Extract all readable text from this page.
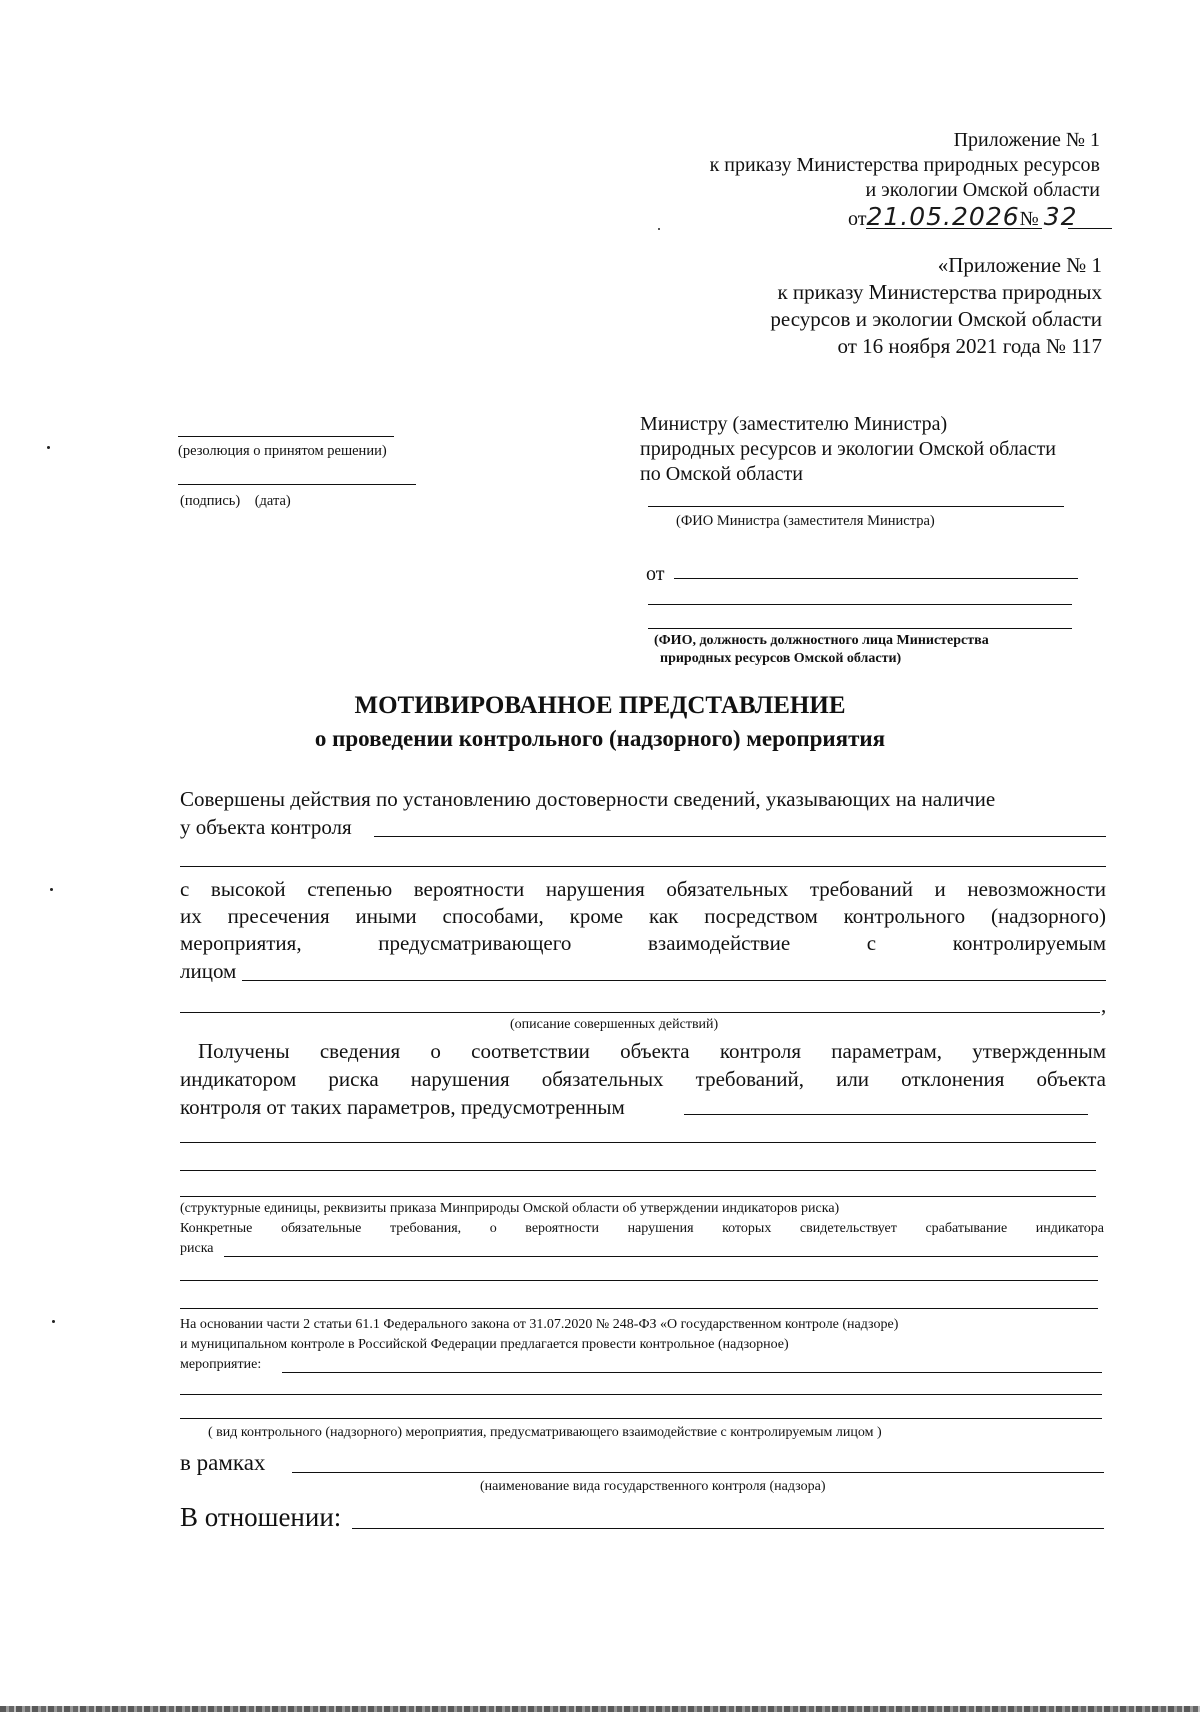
Приложение № 1
к приказу Министерства природных ресурсов
и экологии Омской области
от21.05.2026№ 32
«Приложение № 1
к приказу Министерства природных
ресурсов и экологии Омской области
от 16 ноября 2021 года № 117
(резолюция о принятом решении)
(подпись)    (дата)
Министру (заместителю Министра)
природных ресурсов и экологии Омской области
по Омской области
(ФИО Министра (заместителя Министра)
от
(ФИО, должность должностного лица Министерства
природных ресурсов Омской области)
МОТИВИРОВАННОЕ ПРЕДСТАВЛЕНИЕ
о проведении контрольного (надзорного) мероприятия
Совершены действия по установлению достоверности сведений, указывающих на наличие
у объекта контроля
с высокой степенью вероятности нарушения обязательных требований и невозможности
их пресечения иными способами, кроме как посредством контрольного (надзорного)
мероприятия, предусматривающего взаимодействие с контролируемым
лицом
,
(описание совершенных действий)
Получены сведения о соответствии объекта контроля параметрам, утвержденным
индикатором риска нарушения обязательных требований, или отклонения объекта
контроля от таких параметров, предусмотренным
(структурные единицы, реквизиты приказа Минприроды Омской области об утверждении индикаторов риска)
Конкретные обязательные требования, о вероятности нарушения которых свидетельствует срабатывание индикатора
риска
На основании части 2 статьи 61.1 Федерального закона от 31.07.2020 № 248-ФЗ «О государственном контроле (надзоре)
и муниципальном контроле в Российской Федерации предлагается провести контрольное (надзорное)
мероприятие:
( вид контрольного (надзорного) мероприятия, предусматривающего взаимодействие с контролируемым лицом )
в рамках
(наименование вида государственного контроля (надзора)
В отношении:
